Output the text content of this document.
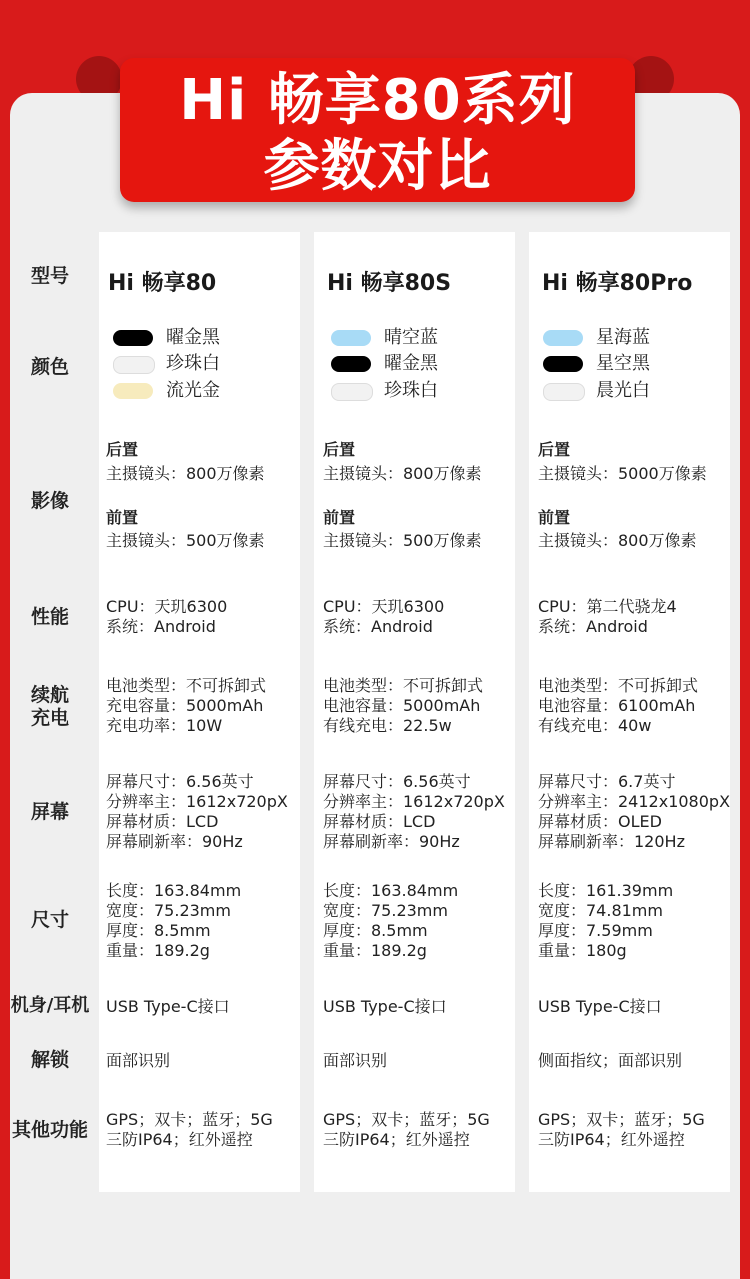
Hi 畅享80系列
参数对比
型号
颜色
影像
性能
续航
充电
屏幕
尺寸
机身/耳机
解锁
其他功能
Hi 畅享80
曜金黑
珍珠白
流光金
后置
主摄镜头：800万像素
前置
主摄镜头：500万像素
CPU：天玑6300
系统：Android
电池类型：不可拆卸式
充电容量：5000mAh
充电功率：10W
屏幕尺寸：6.56英寸
分辨率主：1612x720pX
屏幕材质：LCD
屏幕刷新率：90Hz
长度：163.84mm
宽度：75.23mm
厚度：8.5mm
重量：189.2g
USB Type-C接口
面部识别
GPS；双卡；蓝牙；5G
三防IP64；红外遥控
Hi 畅享80S
晴空蓝
曜金黑
珍珠白
后置
主摄镜头：800万像素
前置
主摄镜头：500万像素
CPU：天玑6300
系统：Android
电池类型：不可拆卸式
电池容量：5000mAh
有线充电：22.5w
屏幕尺寸：6.56英寸
分辨率主：1612x720pX
屏幕材质：LCD
屏幕刷新率：90Hz
长度：163.84mm
宽度：75.23mm
厚度：8.5mm
重量：189.2g
USB Type-C接口
面部识别
GPS；双卡；蓝牙；5G
三防IP64；红外遥控
Hi 畅享80Pro
星海蓝
星空黑
晨光白
后置
主摄镜头：5000万像素
前置
主摄镜头：800万像素
CPU：第二代骁龙4
系统：Android
电池类型：不可拆卸式
电池容量：6100mAh
有线充电：40w
屏幕尺寸：6.7英寸
分辨率主：2412x1080pX
屏幕材质：OLED
屏幕刷新率：120Hz
长度：161.39mm
宽度：74.81mm
厚度：7.59mm
重量：180g
USB Type-C接口
侧面指纹；面部识别
GPS；双卡；蓝牙；5G
三防IP64；红外遥控
